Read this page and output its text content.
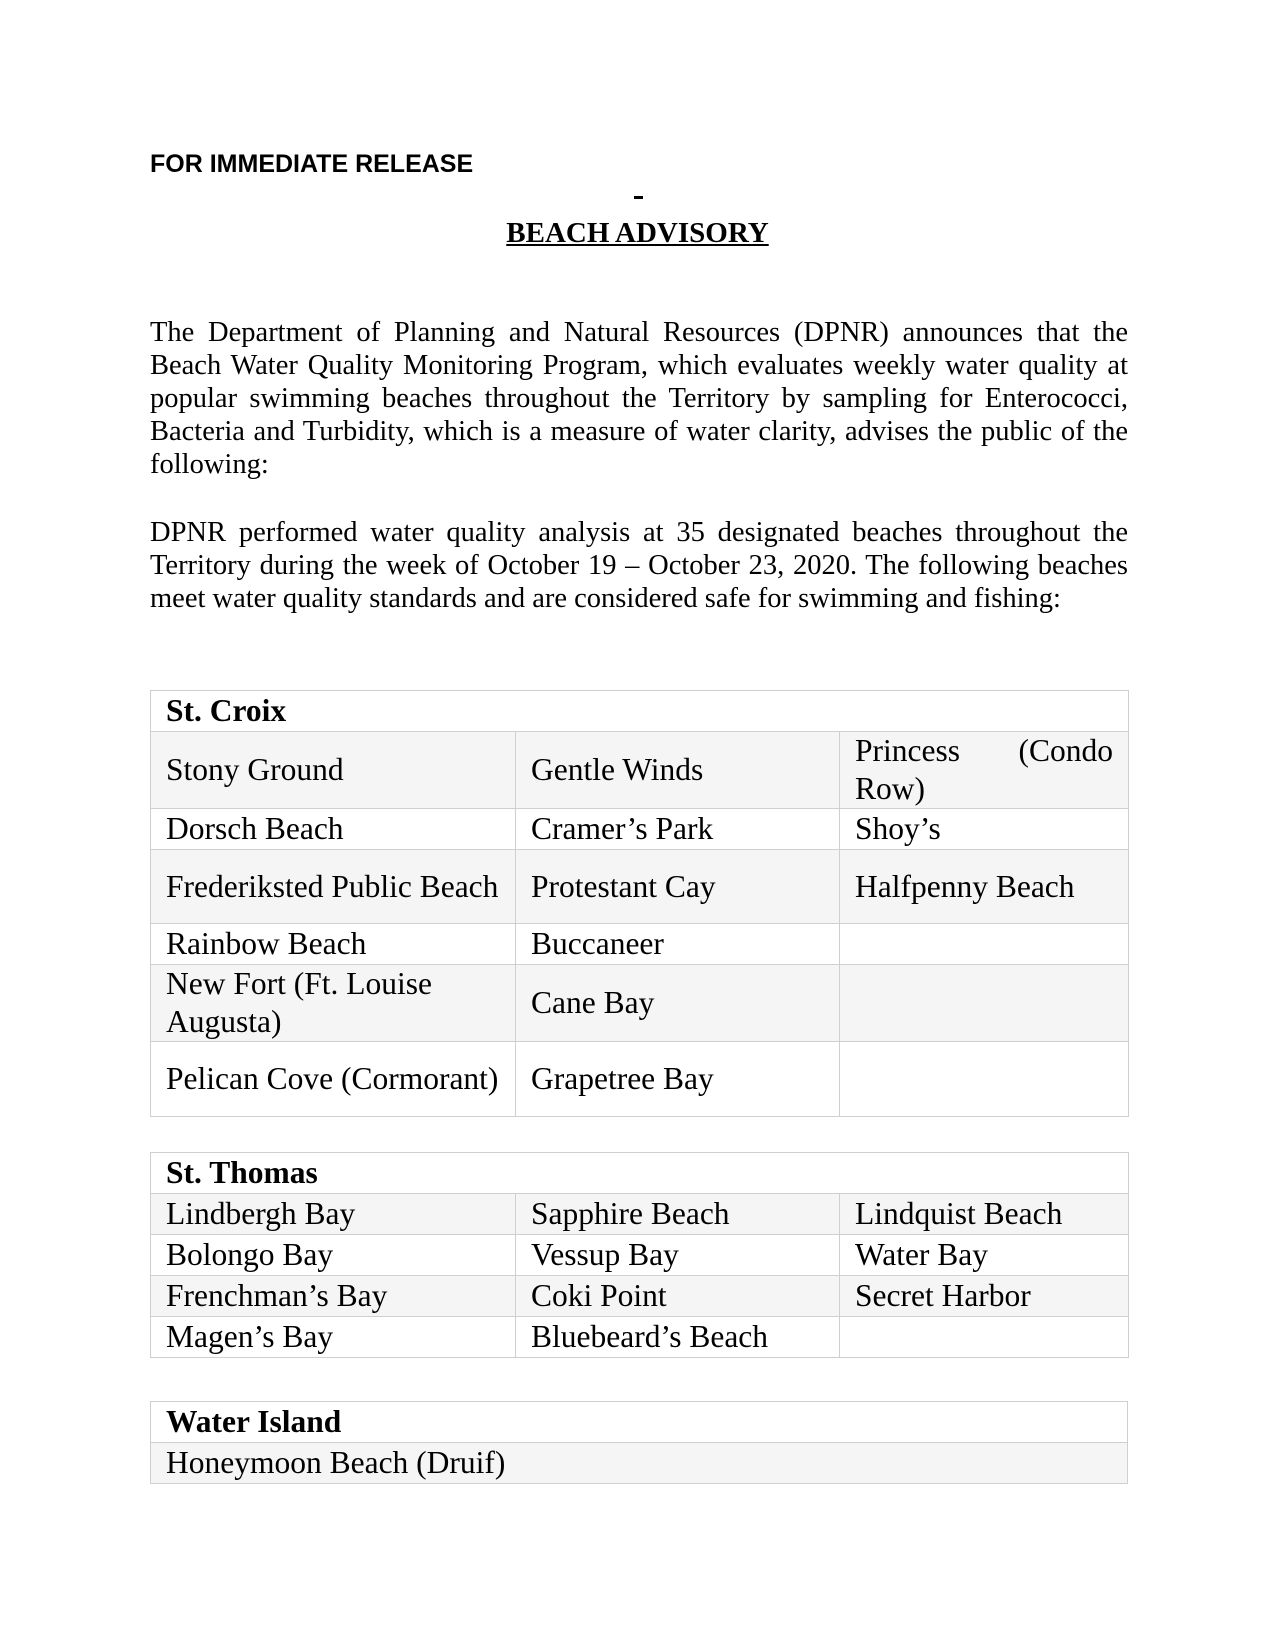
FOR IMMEDIATE RELEASE
BEACH ADVISORY

The Department of Planning and Natural Resources (DPNR) announces that the Beach Water Quality Monitoring Program, which evaluates weekly water quality at popular swimming beaches throughout the Territory by sampling for Enterococci, Bacteria and Turbidity, which is a measure of water clarity, advises the public of the following:

DPNR performed water quality analysis at 35 designated beaches throughout the Territory during the week of October 19 – October 23, 2020. The following beaches meet water quality standards and are considered safe for swimming and fishing:

St. Croix		
Stony Ground	Gentle Winds	Princess (Condo Row)
Dorsch Beach	Cramer’s Park	Shoy’s
Frederiksted Public Beach	Protestant Cay	Halfpenny Beach
Rainbow Beach	Buccaneer	
New Fort (Ft. Louise Augusta)	Cane Bay	
Pelican Cove (Cormorant)	Grapetree Bay	
St. Thomas		
Lindbergh Bay	Sapphire Beach	Lindquist Beach
Bolongo Bay	Vessup Bay	Water Bay
Frenchman’s Bay	Coki Point	Secret Harbor
Magen’s Bay	Bluebeard’s Beach	
Water Island
Honeymoon Beach (Druif)
